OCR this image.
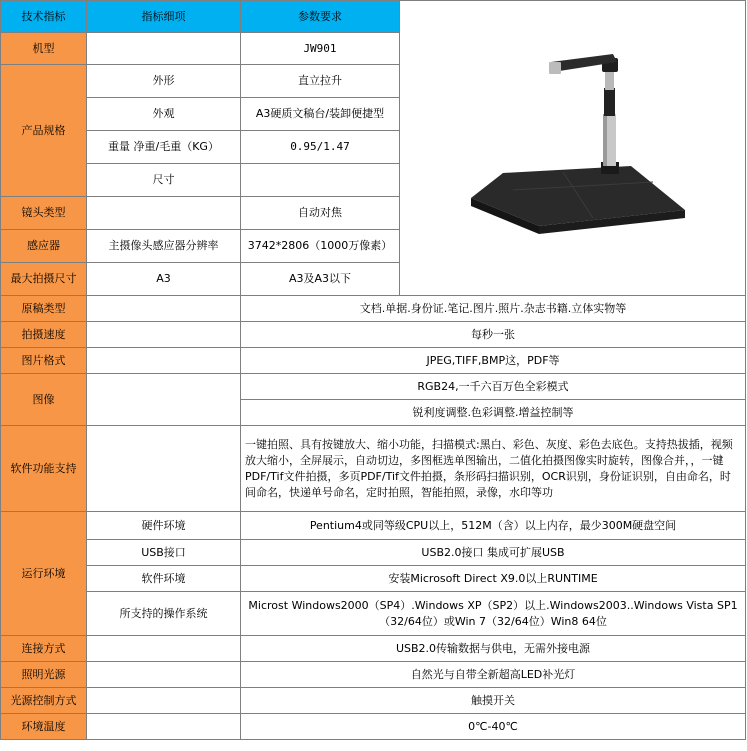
技术指标	指标细项	参数要求	

机型		JW901	
产品规格	外形	直立拉升	
	外观	A3硬质文稿台/装卸便捷型	
	重量 净重/毛重（KG）	0.95/1.47	
	尺寸		
镜头类型		自动对焦	
感应器	主摄像头感应器分辨率	3742*2806（1000万像素）	
最大拍摄尺寸	A3	A3及A3以下	
原稿类型		文档.单据.身份证.笔记.图片.照片.杂志书籍.立体实物等	
拍摄速度		每秒一张	
图片格式		JPEG,TIFF,BMP这，PDF等	
图像		RGB24,一千六百万色全彩模式	
		锐利度调整.色彩调整.增益控制等	
软件功能支持		一键拍照、具有按键放大、缩小功能，扫描模式:黑白、彩色、灰度、彩色去底色。支持热拔插，视频放大缩小，全屏展示，自动切边，多图框选单图输出，二值化拍摄图像实时旋转，图像合并，，一键PDF/Tif文件拍摄，多页PDF/Tif文件拍摄，条形码扫描识别，OCR识别，身份证识别，自由命名，时间命名，快递单号命名，定时拍照，智能拍照，录像，水印等功	
运行环境	硬件环境	Pentium4或同等级CPU以上，512M（含）以上内存，最少300M硬盘空间	
	USB接口	USB2.0接口 集成可扩展USB	
	软件环境	安装Microsoft Direct X9.0以上RUNTIME	
	所支持的操作系统	Microst Windows2000（SP4）.Windows XP（SP2）以上.Windows2003..Windows Vista SP1（32/64位）或Win 7（32/64位）Win8 64位	
连接方式		USB2.0传输数据与供电，无需外接电源	
照明光源		自然光与自带全新超高LED补光灯	
光源控制方式		触摸开关	
环境温度		0℃-40℃	
